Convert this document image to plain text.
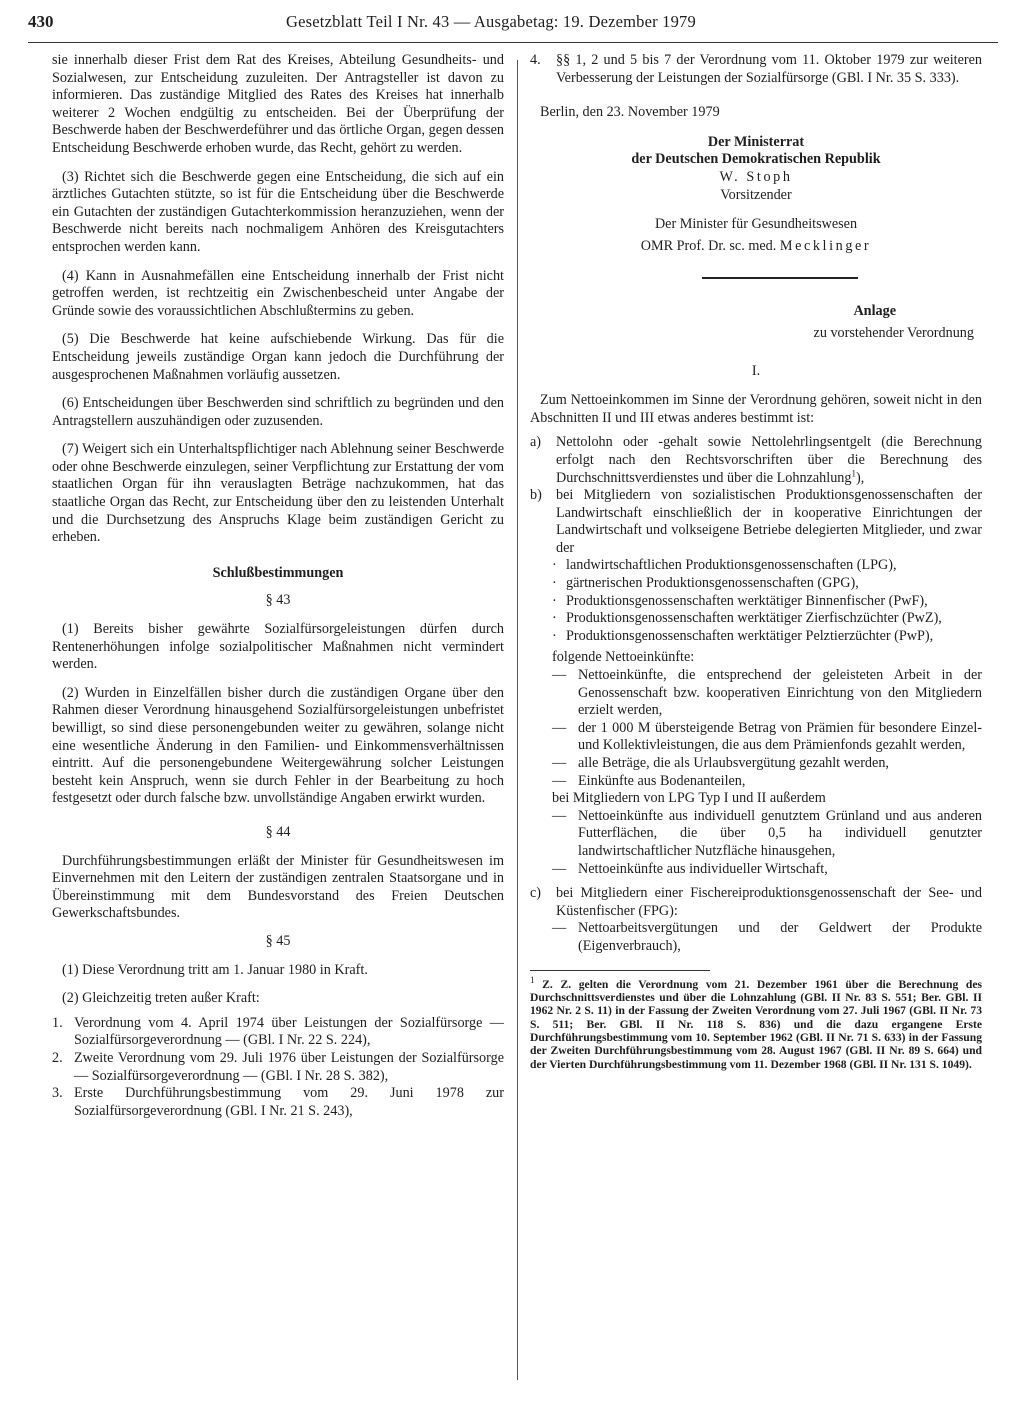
430	Gesetzblatt Teil I Nr. 43 — Ausgabetag: 19. Dezember 1979

sie innerhalb dieser Frist dem Rat des Kreises, Abteilung Gesundheits- und Sozialwesen, zur Entscheidung zuzuleiten. Der Antragsteller ist davon zu informieren. Das zuständige Mitglied des Rates des Kreises hat innerhalb weiterer 2 Wochen endgültig zu entscheiden. Bei der Überprüfung der Beschwerde haben der Beschwerdeführer und das örtliche Organ, gegen dessen Entscheidung Beschwerde erhoben wurde, das Recht, gehört zu werden.

(3) Richtet sich die Beschwerde gegen eine Entscheidung, die sich auf ein ärztliches Gutachten stützte, so ist für die Entscheidung über die Beschwerde ein Gutachten der zuständigen Gutachterkommission heranzuziehen, wenn der Beschwerde nicht bereits nach nochmaligem Anhören des Kreisgutachters entsprochen werden kann.

(4) Kann in Ausnahmefällen eine Entscheidung innerhalb der Frist nicht getroffen werden, ist rechtzeitig ein Zwischenbescheid unter Angabe der Gründe sowie des voraussichtlichen Abschlußtermins zu geben.

(5) Die Beschwerde hat keine aufschiebende Wirkung. Das für die Entscheidung jeweils zuständige Organ kann jedoch die Durchführung der ausgesprochenen Maßnahmen vorläufig aussetzen.

(6) Entscheidungen über Beschwerden sind schriftlich zu begründen und den Antragstellern auszuhändigen oder zuzusenden.

(7) Weigert sich ein Unterhaltspflichtiger nach Ablehnung seiner Beschwerde oder ohne Beschwerde einzulegen, seiner Verpflichtung zur Erstattung der vom staatlichen Organ für ihn verauslagten Beträge nachzukommen, hat das staatliche Organ das Recht, zur Entscheidung über den zu leistenden Unterhalt und die Durchsetzung des Anspruchs Klage beim zuständigen Gericht zu erheben.

Schlußbestimmungen
§ 43

(1) Bereits bisher gewährte Sozialfürsorgeleistungen dürfen durch Rentenerhöhungen infolge sozialpolitischer Maßnahmen nicht vermindert werden.

(2) Wurden in Einzelfällen bisher durch die zuständigen Organe über den Rahmen dieser Verordnung hinausgehend Sozialfürsorgeleistungen unbefristet bewilligt, so sind diese personengebunden weiter zu gewähren, solange nicht eine wesentliche Änderung in den Familien- und Einkommensverhältnissen eintritt. Auf die personengebundene Weitergewährung solcher Leistungen besteht kein Anspruch, wenn sie durch Fehler in der Bearbeitung zu hoch festgesetzt oder durch falsche bzw. unvollständige Angaben erwirkt wurden.

§ 44

Durchführungsbestimmungen erläßt der Minister für Gesundheitswesen im Einvernehmen mit den Leitern der zuständigen zentralen Staatsorgane und in Übereinstimmung mit dem Bundesvorstand des Freien Deutschen Gewerkschaftsbundes.

§ 45

(1) Diese Verordnung tritt am 1. Januar 1980 in Kraft.

(2) Gleichzeitig treten außer Kraft:

1. Verordnung vom 4. April 1974 über Leistungen der Sozialfürsorge — Sozialfürsorgeverordnung — (GBl. I Nr. 22 S. 224),
2. Zweite Verordnung vom 29. Juli 1976 über Leistungen der Sozialfürsorge — Sozialfürsorgeverordnung — (GBl. I Nr. 28 S. 382),
3. Erste Durchführungsbestimmung vom 29. Juni 1978 zur Sozialfürsorgeverordnung (GBl. I Nr. 21 S. 243),
4. §§ 1, 2 und 5 bis 7 der Verordnung vom 11. Oktober 1979 zur weiteren Verbesserung der Leistungen der Sozialfürsorge (GBl. I Nr. 35 S. 333).

Berlin, den 23. November 1979

Der Ministerrat
der Deutschen Demokratischen Republik
W. Stoph
Vorsitzender
Der Minister für Gesundheitswesen
OMR Prof. Dr. sc. med. Mecklinger
Anlage
zu vorstehender Verordnung
I.

Zum Nettoeinkommen im Sinne der Verordnung gehören, soweit nicht in den Abschnitten II und III etwas anderes bestimmt ist:

a) Nettolohn oder -gehalt sowie Nettolehrlingsentgelt (die Berechnung erfolgt nach den Rechtsvorschriften über die Berechnung des Durchschnittsverdienstes und über die Lohnzahlung$^1$),
b) bei Mitgliedern von sozialistischen Produktionsgenossenschaften der Landwirtschaft einschließlich der in kooperative Einrichtungen der Landwirtschaft und volkseigene Betriebe delegierten Mitglieder, und zwar der
· landwirtschaftlichen Produktionsgenossenschaften (LPG),
· gärtnerischen Produktionsgenossenschaften (GPG),
· Produktionsgenossenschaften werktätiger Binnenfischer (PwF),
· Produktionsgenossenschaften werktätiger Zierfischzüchter (PwZ),
· Produktionsgenossenschaften werktätiger Pelztierzüchter (PwP),
folgende Nettoeinkünfte:
— Nettoeinkünfte, die entsprechend der geleisteten Arbeit in der Genossenschaft bzw. kooperativen Einrichtung von den Mitgliedern erzielt werden,
— der 1 000 M übersteigende Betrag von Prämien für besondere Einzel- und Kollektivleistungen, die aus dem Prämienfonds gezahlt werden,
— alle Beträge, die als Urlaubsvergütung gezahlt werden,
— Einkünfte aus Bodenanteilen,
bei Mitgliedern von LPG Typ I und II außerdem
— Nettoeinkünfte aus individuell genutztem Grünland und aus anderen Futterflächen, die über 0,5 ha individuell genutzter landwirtschaftlicher Nutzfläche hinausgehen,
— Nettoeinkünfte aus individueller Wirtschaft,
c) bei Mitgliedern einer Fischereiproduktionsgenossenschaft der See- und Küstenfischer (FPG):
— Nettoarbeitsvergütungen und der Geldwert der Produkte (Eigenverbrauch),
$^1$ Z. Z. gelten die Verordnung vom 21. Dezember 1961 über die Berechnung des Durchschnittsverdienstes und über die Lohnzahlung (GBl. II Nr. 83 S. 551; Ber. GBl. II 1962 Nr. 2 S. 11) in der Fassung der Zweiten Verordnung vom 27. Juli 1967 (GBl. II Nr. 73 S. 511; Ber. GBl. II Nr. 118 S. 836) und die dazu ergangene Erste Durchführungsbestimmung vom 10. September 1962 (GBl. II Nr. 71 S. 633) in der Fassung der Zweiten Durchführungsbestimmung vom 28. August 1967 (GBl. II Nr. 89 S. 664) und der Vierten Durchführungsbestimmung vom 11. Dezember 1968 (GBl. II Nr. 131 S. 1049).
